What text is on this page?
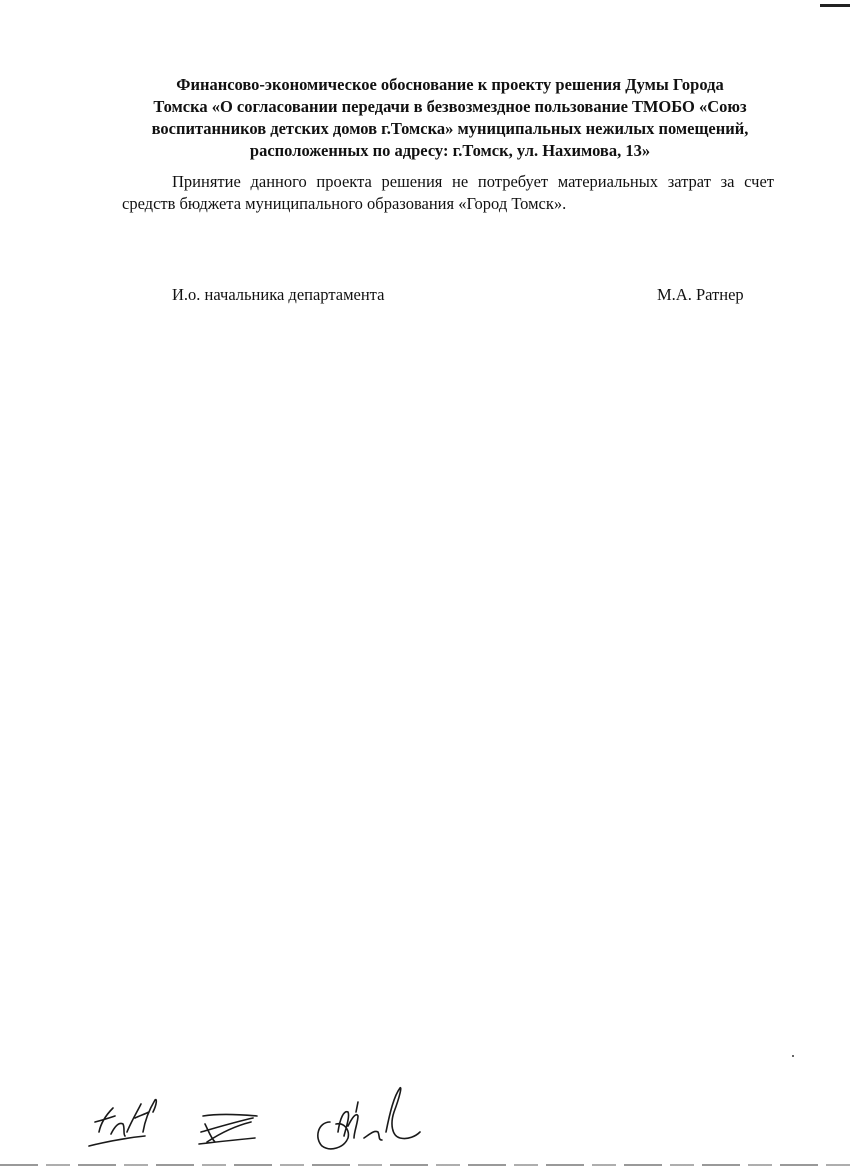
Финансово-экономическое обоснование к проекту решения Думы Города
Томска «О согласовании передачи в безвозмездное пользование ТМОБО «Союз
воспитанников детских домов г.Томска» муниципальных нежилых помещений,
расположенных по адресу: г.Томск, ул. Нахимова, 13»
Принятие данного проекта решения не потребует материальных затрат за счет
средств бюджета муниципального образования «Город Томск».
И.о. начальника департамента	М.А. Ратнер
